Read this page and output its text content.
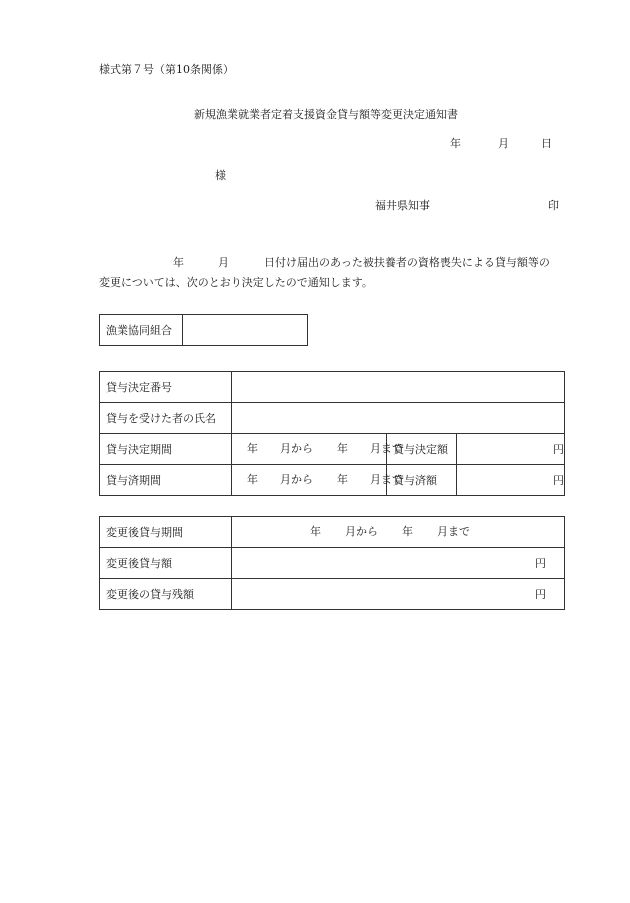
様式第７号（第10条関係）
新規漁業就業者定着支援資金貸与額等変更決定通知書
年	月	日
様
福井県知事	印
年	月	日付け届出のあった被扶養者の資格喪失による貸与額等の
変更については、次のとおり決定したので通知します。
漁業協同組合	
貸与決定番号			
貸与を受けた者の氏名			
貸与決定期間	年 月から 年 月まで	貸与決定額	円
貸与済期間	年 月から 年 月まで	貸与済額	円
変更後貸与期間	年 月から 年 月まで

変更後貸与額	円
変更後の貸与残額	円
